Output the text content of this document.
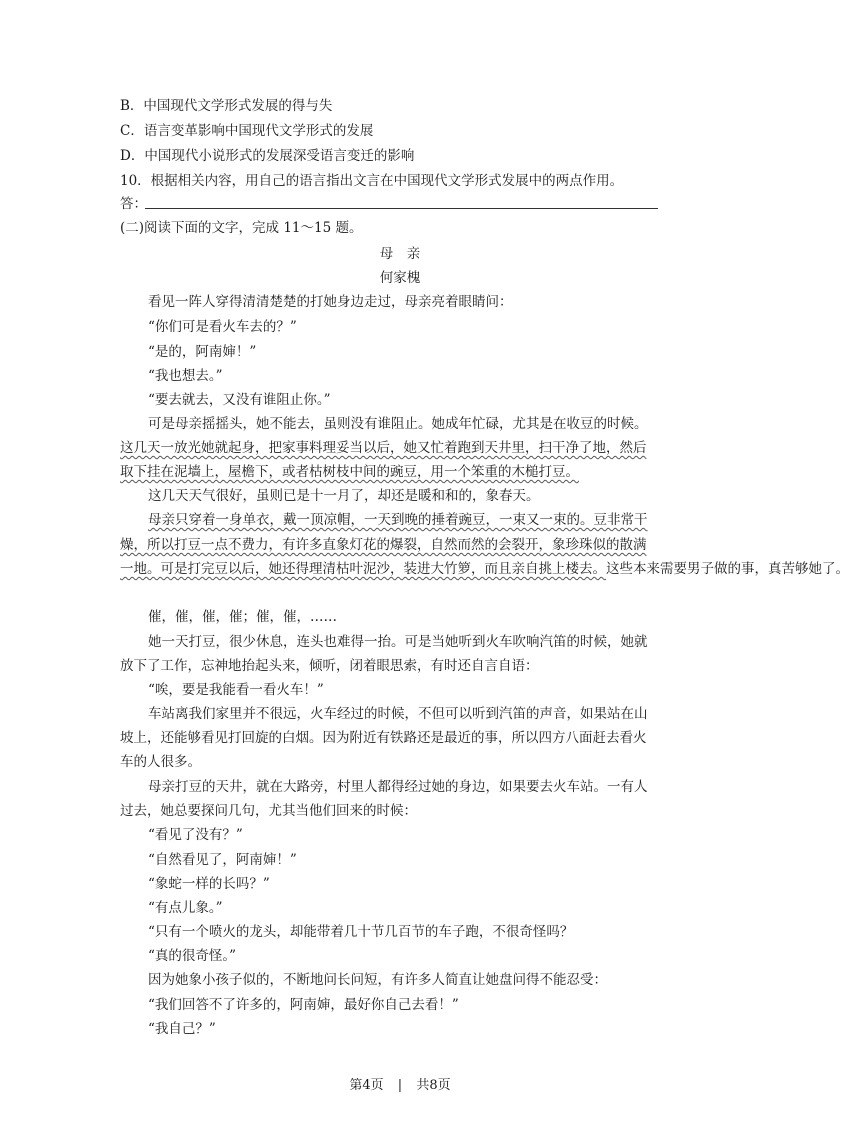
B．中国现代文学形式发展的得与失
C．语言变革影响中国现代文学形式的发展
D．中国现代小说形式的发展深受语言变迁的影响
10．根据相关内容，用自己的语言指出文言在中国现代文学形式发展中的两点作用。
答：
(二)阅读下面的文字，完成 11～15 题。
母　亲
何家槐
看见一阵人穿得清清楚楚的打她身边走过，母亲亮着眼睛问：
“你们可是看火车去的？”
“是的，阿南婶！”
“我也想去。”
“要去就去，又没有谁阻止你。”
可是母亲摇摇头，她不能去，虽则没有谁阻止。她成年忙碌，尤其是在收豆的时候。
这几天一放光她就起身，把家事料理妥当以后，她又忙着跑到天井里，扫干净了地，然后
取下挂在泥墙上，屋檐下，或者枯树枝中间的豌豆，用一个笨重的木槌打豆。
这几天天气很好，虽则已是十一月了，却还是暖和和的，象春天。
母亲只穿着一身单衣，戴一顶凉帽，一天到晚的捶着豌豆，一束又一束的。豆非常干
燥，所以打豆一点不费力，有许多直象灯花的爆裂，自然而然的会裂开，象珍珠似的散满
一地。可是打完豆以后，她还得理清枯叶泥沙，装进大竹箩，而且亲自挑上楼去。这些本来需要男子做的事，真苦够她了。
催，催，催，催；催，催，……
她一天打豆，很少休息，连头也难得一抬。可是当她听到火车吹响汽笛的时候，她就
放下了工作，忘神地抬起头来，倾听，闭着眼思索，有时还自言自语：
“唉，要是我能看一看火车！”
车站离我们家里并不很远，火车经过的时候，不但可以听到汽笛的声音，如果站在山
坡上，还能够看见打回旋的白烟。因为附近有铁路还是最近的事，所以四方八面赶去看火
车的人很多。
母亲打豆的天井，就在大路旁，村里人都得经过她的身边，如果要去火车站。一有人
过去，她总要探问几句，尤其当他们回来的时候：
“看见了没有？”
“自然看见了，阿南婶！”
“象蛇一样的长吗？”
“有点儿象。”
“只有一个喷火的龙头，却能带着几十节几百节的车子跑，不很奇怪吗？
“真的很奇怪。”
因为她象小孩子似的，不断地问长问短，有许多人简直让她盘问得不能忍受：
“我们回答不了许多的，阿南婶，最好你自己去看！”
“我自己？”
第4页 | 共8页
